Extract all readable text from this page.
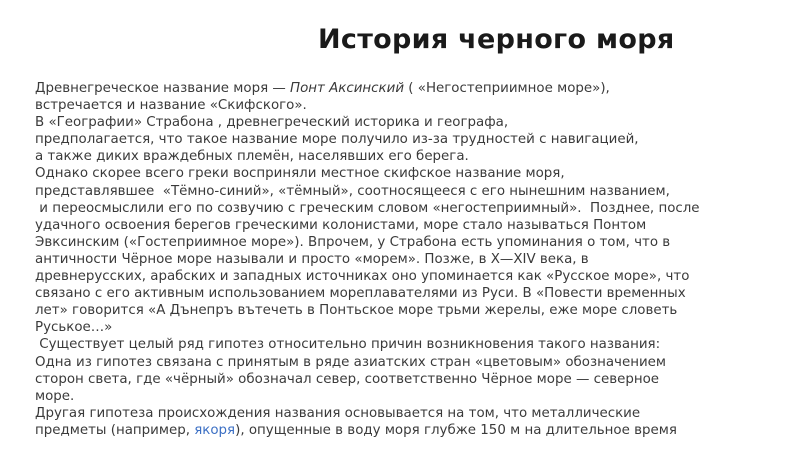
История черного моря
Древнегреческое название моря — Понт Аксинский ( «Негостеприимное море»),
встречается и название «Скифского».
В «Географии» Страбона , древнегреческий историка и географа,
предполагается, что такое название море получило из-за трудностей с навигацией,
а также диких враждебных племён, населявших его берега.
Однако скорее всего греки восприняли местное скифское название моря,
представлявшее  «Тёмно-синий», «тёмный», соотносящееся с его нынешним названием,
и переосмыслили его по созвучию с греческим словом «негостеприимный».  Позднее, после
удачного освоения берегов греческими колонистами, море стало называться Понтом
Эвксинским («Гостеприимное море»). Впрочем, у Страбона есть упоминания о том, что в
античности Чёрное море называли и просто «морем». Позже, в X—XIV века, в
древнерусских, арабских и западных источниках оно упоминается как «Русское море», что
связано с его активным использованием мореплавателями из Руси. В «Повести временных
лет» говорится «А Дънепръ вътечеть в Понтьское море трьми жерелы, еже море словеть
Руськое…»
Существует целый ряд гипотез относительно причин возникновения такого названия:
Одна из гипотез связана с принятым в ряде азиатских стран «цветовым» обозначением
сторон света, где «чёрный» обозначал север, соответственно Чёрное море — северное
море.
Другая гипотеза происхождения названия основывается на том, что металлические
предметы (например, якоря), опущенные в воду моря глубже 150 м на длительное время
